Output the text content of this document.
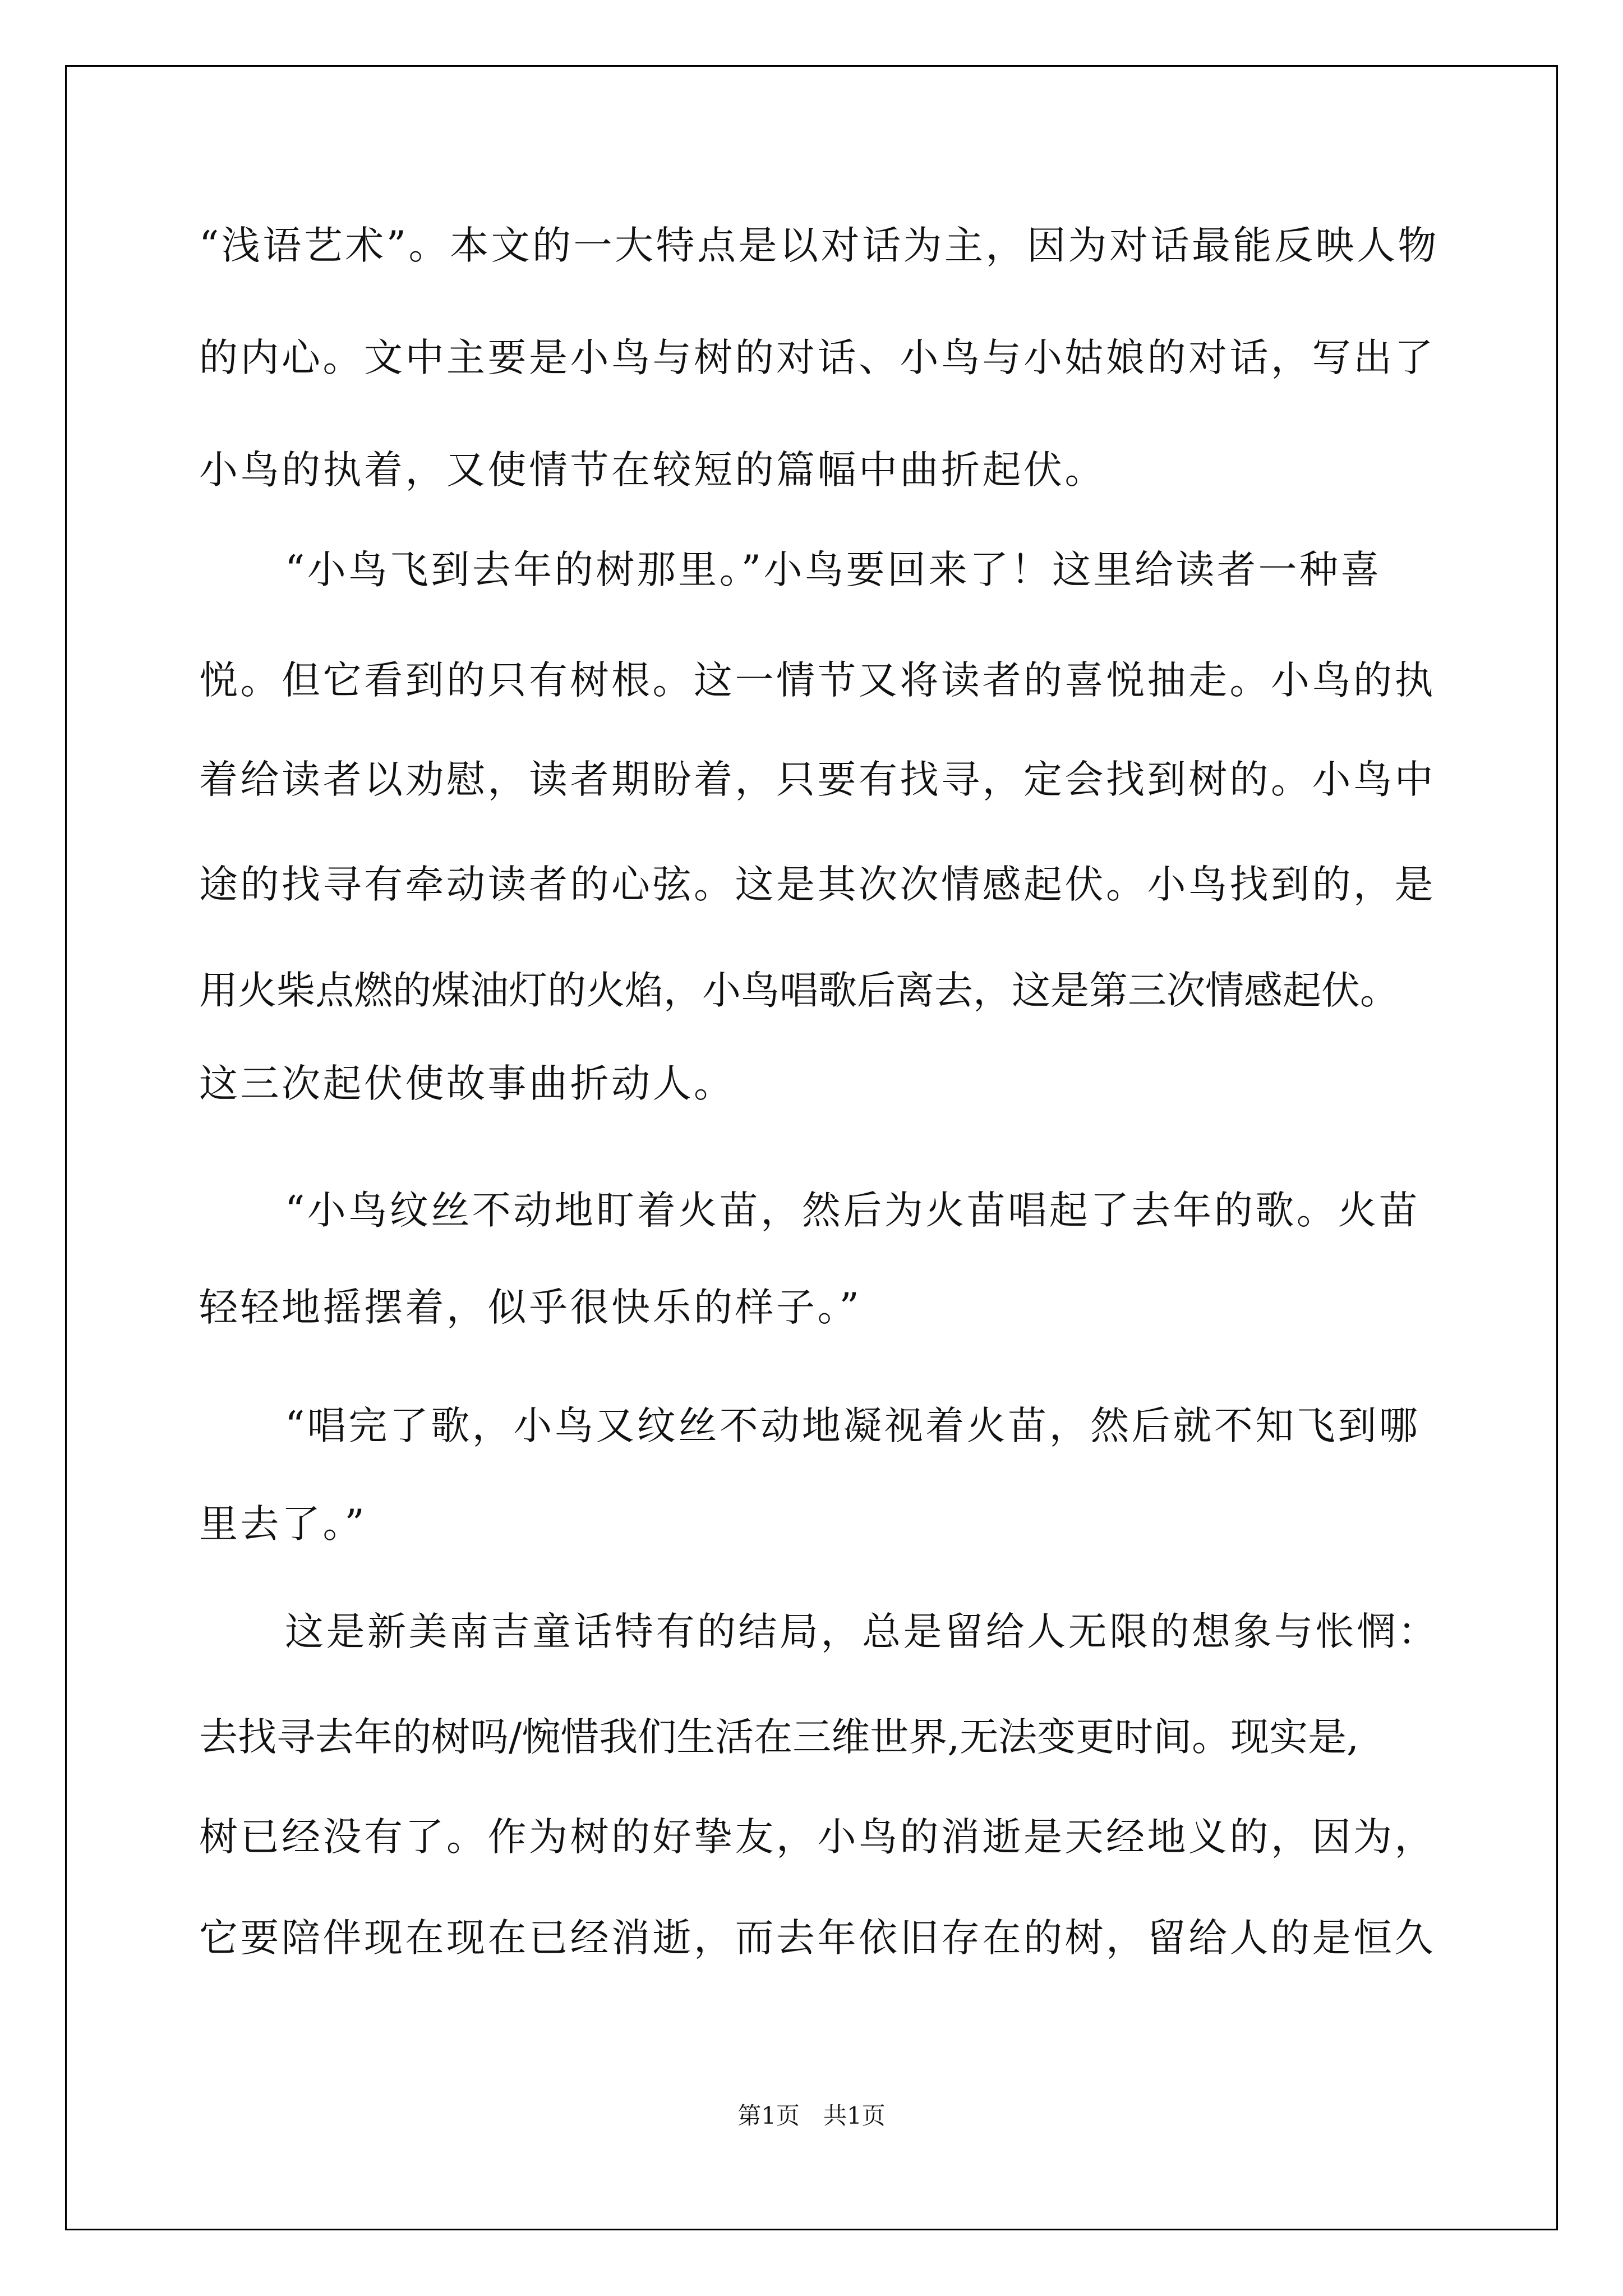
“浅语艺术”。本文的一大特点是以对话为主，因为对话最能反映人物
的内心。文中主要是小鸟与树的对话、小鸟与小姑娘的对话，写出了
小鸟的执着，又使情节在较短的篇幅中曲折起伏。
“小鸟飞到去年的树那里。”小鸟要回来了！这里给读者一种喜
悦。但它看到的只有树根。这一情节又将读者的喜悦抽走。小鸟的执
着给读者以劝慰，读者期盼着，只要有找寻，定会找到树的。小鸟中
途的找寻有牵动读者的心弦。这是其次次情感起伏。小鸟找到的，是
用火柴点燃的煤油灯的火焰，小鸟唱歌后离去，这是第三次情感起伏。
这三次起伏使故事曲折动人。
“小鸟纹丝不动地盯着火苗，然后为火苗唱起了去年的歌。火苗
轻轻地摇摆着，似乎很快乐的样子。”
“唱完了歌，小鸟又纹丝不动地凝视着火苗，然后就不知飞到哪
里去了。”
这是新美南吉童话特有的结局，总是留给人无限的想象与怅惘：
去找寻去年的树吗/惋惜我们生活在三维世界,无法变更时间。现实是,
树已经没有了。作为树的好挚友，小鸟的消逝是天经地义的，因为，
它要陪伴现在现在已经消逝，而去年依旧存在的树，留给人的是恒久
第1页　共1页
